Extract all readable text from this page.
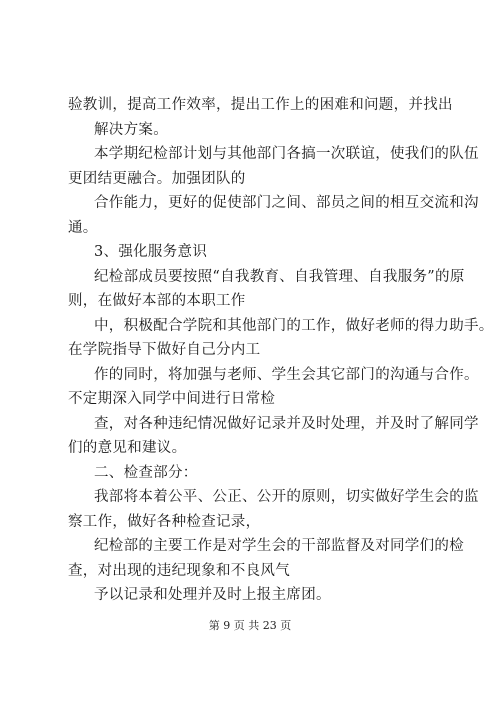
验教训，提高工作效率，提出工作上的困难和问题，并找出
解决方案。
本学期纪检部计划与其他部门各搞一次联谊，使我们的队伍
更团结更融合。加强团队的
合作能力，更好的促使部门之间、部员之间的相互交流和沟
通。
3、强化服务意识
纪检部成员要按照“自我教育、自我管理、自我服务”的原
则，在做好本部的本职工作
中，积极配合学院和其他部门的工作，做好老师的得力助手。
在学院指导下做好自己分内工
作的同时，将加强与老师、学生会其它部门的沟通与合作。
不定期深入同学中间进行日常检
查，对各种违纪情况做好记录并及时处理，并及时了解同学
们的意见和建议。
二、检查部分：
我部将本着公平、公正、公开的原则，切实做好学生会的监
察工作，做好各种检查记录，
纪检部的主要工作是对学生会的干部监督及对同学们的检
查，对出现的违纪现象和不良风气
予以记录和处理并及时上报主席团。
第 9 页 共 23 页
